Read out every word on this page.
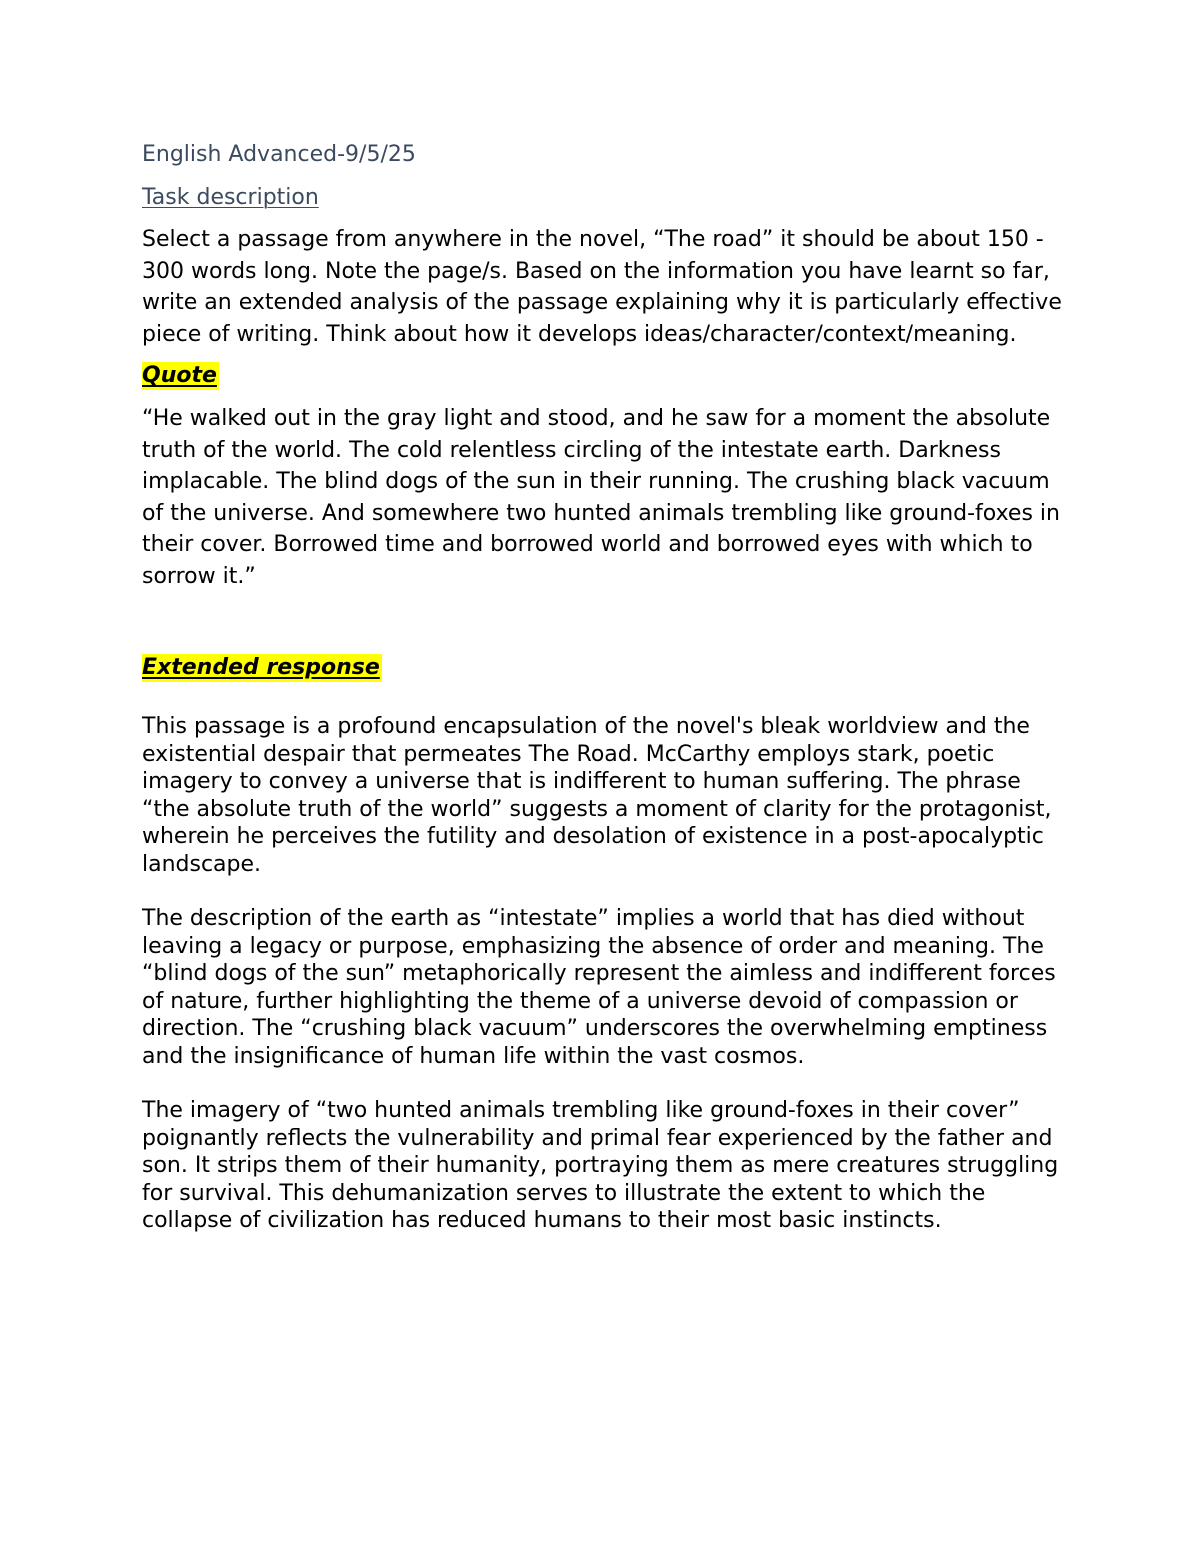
English Advanced-9/5/25
Task description

Select a passage from anywhere in the novel, “The road” it should be about 150 - 300 words long. Note the page/s. Based on the information you have learnt so far, write an extended analysis of the passage explaining why it is particularly effective piece of writing. Think about how it develops ideas/character/context/meaning.

Quote

“He walked out in the gray light and stood, and he saw for a moment the absolute truth of the world. The cold relentless circling of the intestate earth. Darkness implacable. The blind dogs of the sun in their running. The crushing black vacuum of the universe. And somewhere two hunted animals trembling like ground-foxes in their cover. Borrowed time and borrowed world and borrowed eyes with which to sorrow it.”

Extended response

This passage is a profound encapsulation of the novel's bleak worldview and the existential despair that permeates The Road. McCarthy employs stark, poetic imagery to convey a universe that is indifferent to human suffering. The phrase “the absolute truth of the world” suggests a moment of clarity for the protagonist, wherein he perceives the futility and desolation of existence in a post-apocalyptic landscape.

The description of the earth as “intestate” implies a world that has died without leaving a legacy or purpose, emphasizing the absence of order and meaning. The “blind dogs of the sun” metaphorically represent the aimless and indifferent forces of nature, further highlighting the theme of a universe devoid of compassion or direction. The “crushing black vacuum” underscores the overwhelming emptiness and the insignificance of human life within the vast cosmos.

The imagery of “two hunted animals trembling like ground-foxes in their cover” poignantly reflects the vulnerability and primal fear experienced by the father and son. It strips them of their humanity, portraying them as mere creatures struggling for survival. This dehumanization serves to illustrate the extent to which the collapse of civilization has reduced humans to their most basic instincts.
